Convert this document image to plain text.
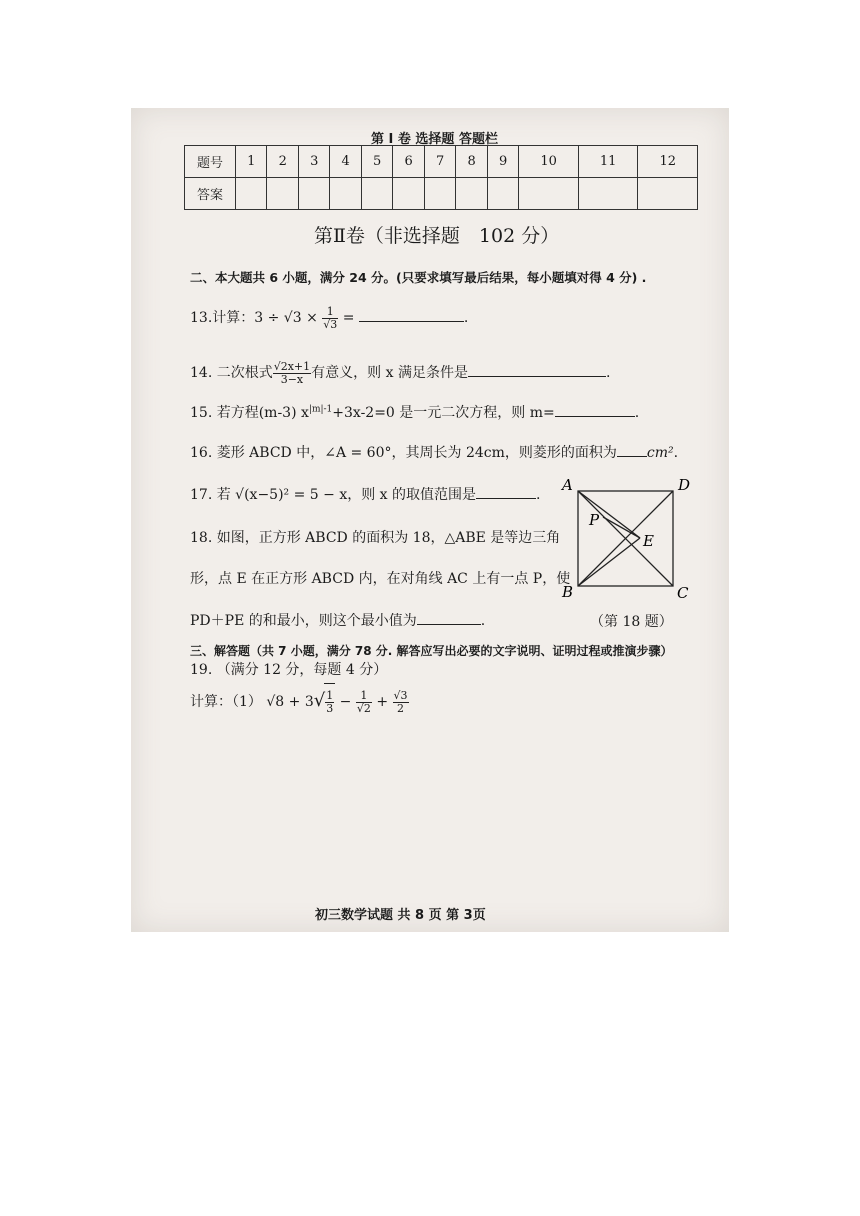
第 I 卷 选择题 答题栏
题号	1	2	3	4	5	6	7	8	9	10	11	12
答案												
第Ⅱ卷（非选择题　102 分）
二、本大题共 6 小题，满分 24 分。(只要求填写最后结果，每小题填对得 4 分) .
13.计算：$3 \div √3 \times \frac{1}{√3}$ =	.
14. 二次根式 $\frac{√2x+1}{3-x}$ 有意义，则 x 满足条件是	.
15. 若方程(m-3) $x^{|m|-1}+3x-2=0$ 是一元二次方程，则 m=	.
16. 菱形 ABCD 中，∠A = 60°，其周长为 24cm，则菱形的面积为 cm².
17. 若 √(x−5)² = 5 − x，则 x 的取值范围是	.
18. 如图，正方形 ABCD 的面积为 18，△ABE 是等边三角
形，点 E 在正方形 ABCD 内，在对角线 AC 上有一点 P，使
PD＋PE 的和最小，则这个最小值为	.
A	D
B	C
P
E
（第 18 题）
三、解答题（共 7 小题，满分 78 分. 解答应写出必要的文字说明、证明过程或推演步骤）
19. （满分 12 分，每题 4 分）
计算：（1） $√8 + 3√ \frac{1}{3} - \frac{1}{√2} + \frac{√3}{2}$
初三数学试题 共 8 页 第 3页
